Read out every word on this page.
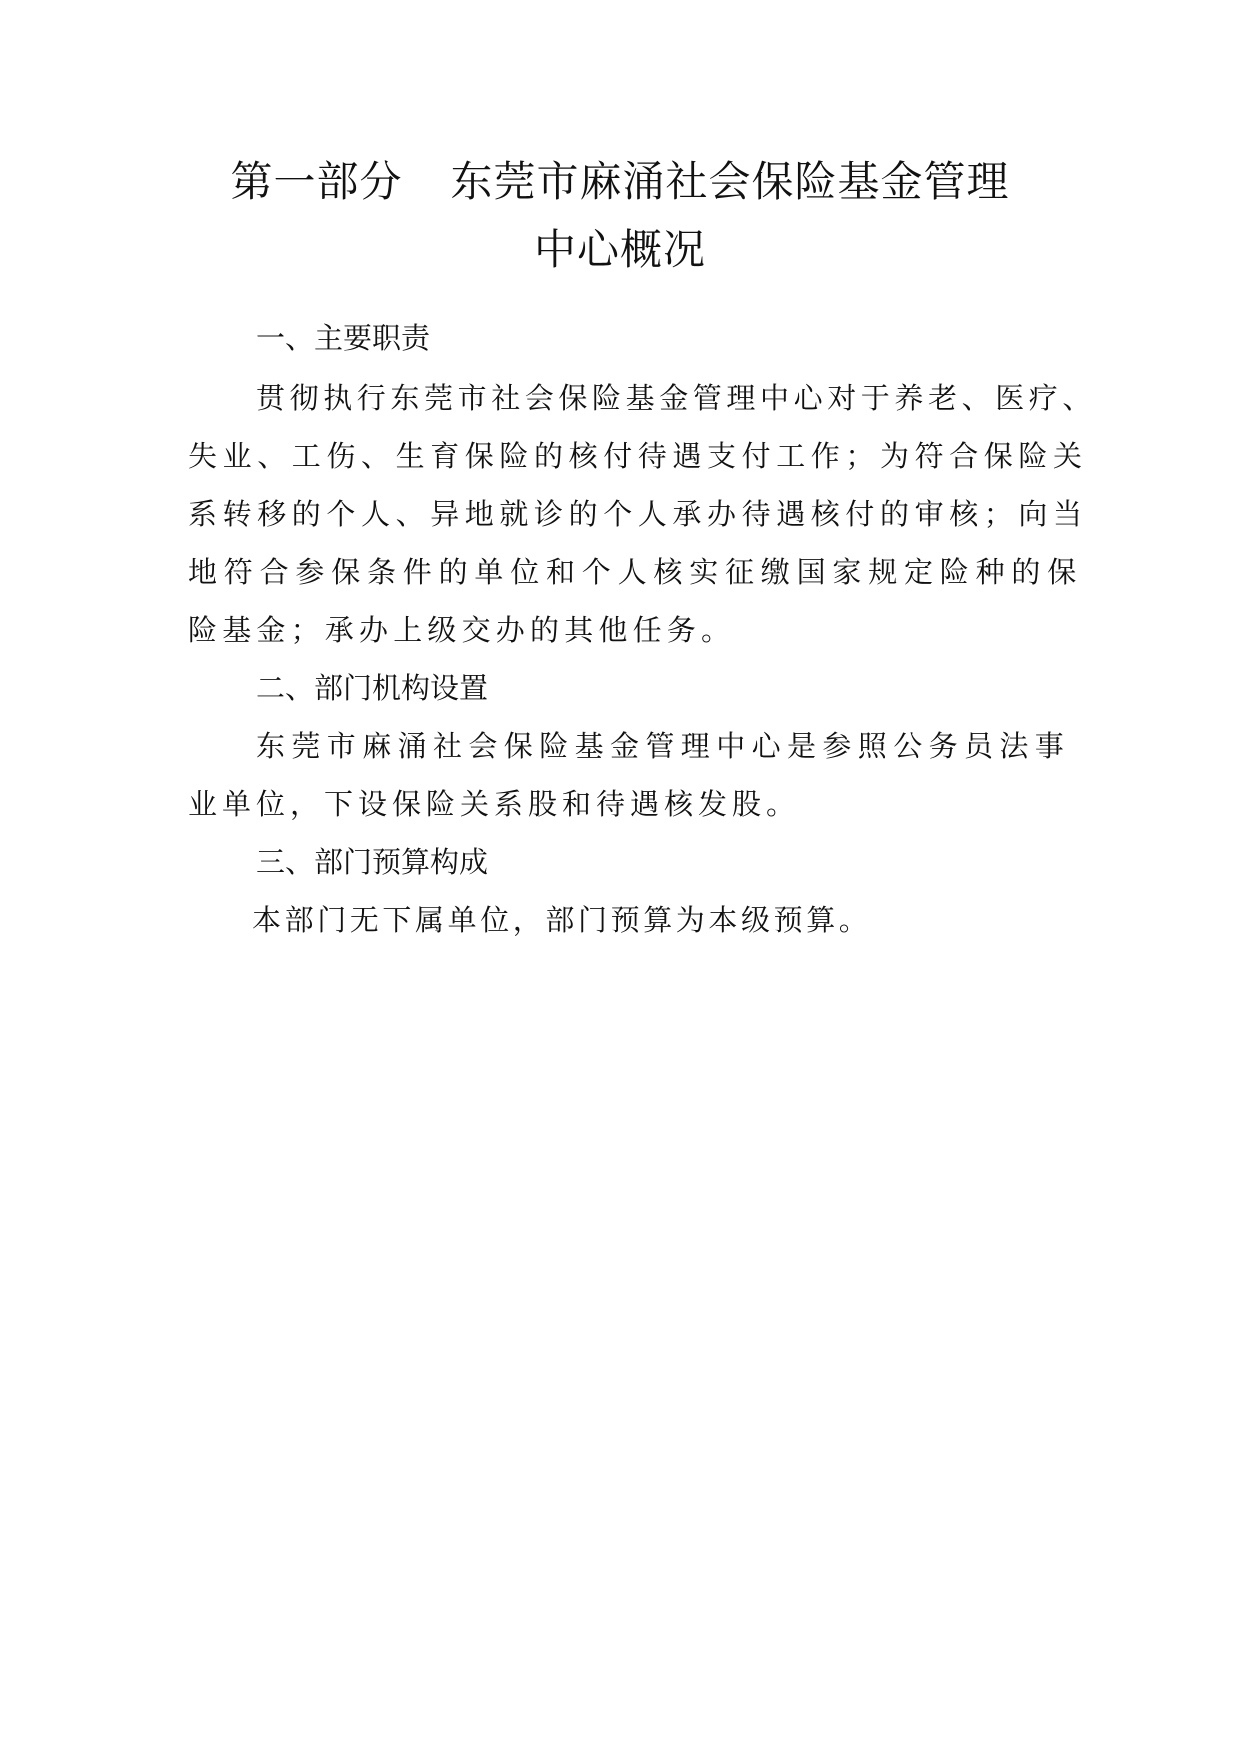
第一部分 东莞市麻涌社会保险基金管理
中心概况
一、主要职责

贯彻执行东莞市社会保险基金管理中心对于养老、医疗、

失业、工伤、生育保险的核付待遇支付工作；为符合保险关

系转移的个人、异地就诊的个人承办待遇核付的审核；向当

地符合参保条件的单位和个人核实征缴国家规定险种的保

险基金；承办上级交办的其他任务。

二、部门机构设置

东莞市麻涌社会保险基金管理中心是参照公务员法事

业单位，下设保险关系股和待遇核发股。

三、部门预算构成

本部门无下属单位，部门预算为本级预算。
